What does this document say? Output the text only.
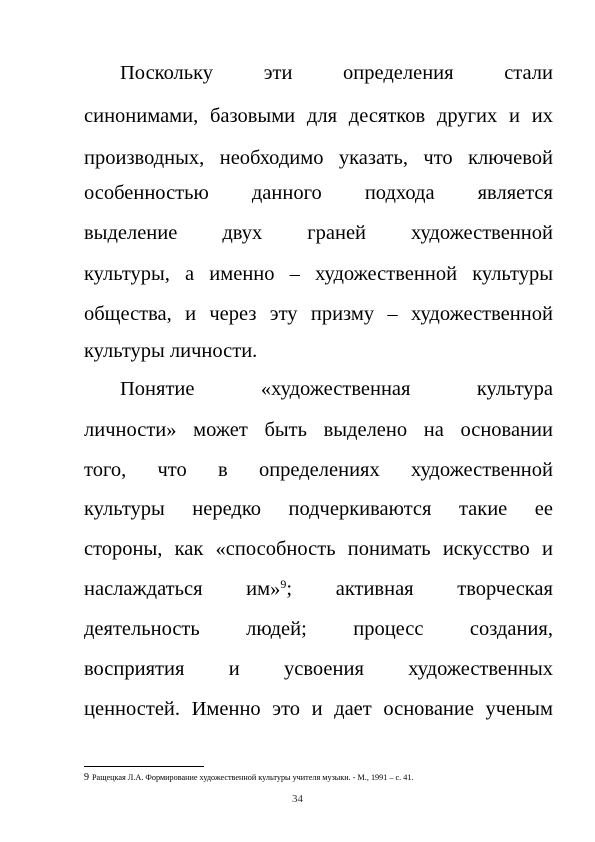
Поскольку эти определения стали
синонимами, базовыми для десятков других и их
производных, необходимо указать, что ключевой
особенностью данного подхода является
выделение двух граней художественной
культуры, а именно – художественной культуры
общества, и через эту призму – художественной
культуры личности.
Понятие	«художественная	культура
личности» может быть выделено на основании
того, что в определениях художественной
культуры нередко подчеркиваются такие ее
стороны, как «способность понимать искусство и
наслаждаться им»$^9$; активная творческая
деятельность людей; процесс создания,
восприятия и усвоения художественных
ценностей. Именно это и дает основание ученым
9 Ращецкая Л.А. Формирование художественной культуры учителя музыки. - М., 1991 – с. 41.
34
